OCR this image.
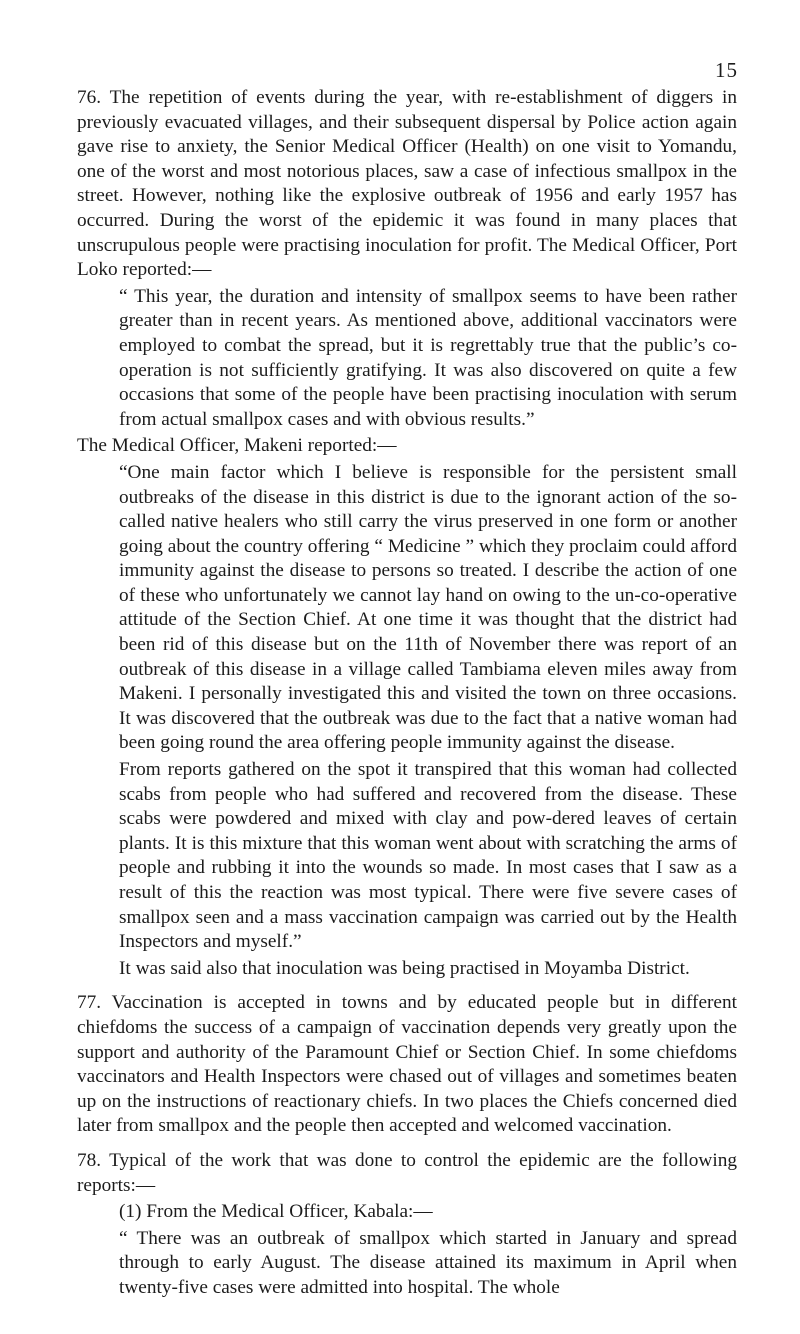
15

76. The repetition of events during the year, with re-establishment of diggers in previously evacuated villages, and their subsequent dispersal by Police action again gave rise to anxiety, the Senior Medical Officer (Health) on one visit to Yomandu, one of the worst and most notorious places, saw a case of infectious smallpox in the street. However, nothing like the explosive outbreak of 1956 and early 1957 has occurred. During the worst of the epidemic it was found in many places that unscrupulous people were practising inoculation for profit. The Medical Officer, Port Loko reported:—

“ This year, the duration and intensity of smallpox seems to have been rather greater than in recent years. As mentioned above, additional vaccinators were employed to combat the spread, but it is regrettably true that the public’s co-operation is not sufficiently gratifying. It was also discovered on quite a few occasions that some of the people have been practising inoculation with serum from actual smallpox cases and with obvious results.”

The Medical Officer, Makeni reported:—

“One main factor which I believe is responsible for the persistent small outbreaks of the disease in this district is due to the ignorant action of the so-called native healers who still carry the virus preserved in one form or another going about the country offering “ Medicine ” which they proclaim could afford immunity against the disease to persons so treated. I describe the action of one of these who unfortunately we cannot lay hand on owing to the un-co-operative attitude of the Section Chief. At one time it was thought that the district had been rid of this disease but on the 11th of November there was report of an outbreak of this disease in a village called Tambiama eleven miles away from Makeni. I personally investigated this and visited the town on three occasions. It was discovered that the outbreak was due to the fact that a native woman had been going round the area offering people immunity against the disease.

From reports gathered on the spot it transpired that this woman had collected scabs from people who had suffered and recovered from the disease. These scabs were powdered and mixed with clay and pow-dered leaves of certain plants. It is this mixture that this woman went about with scratching the arms of people and rubbing it into the wounds so made. In most cases that I saw as a result of this the reaction was most typical. There were five severe cases of smallpox seen and a mass vaccination campaign was carried out by the Health Inspectors and myself.”

It was said also that inoculation was being practised in Moyamba District.

77. Vaccination is accepted in towns and by educated people but in different chiefdoms the success of a campaign of vaccination depends very greatly upon the support and authority of the Paramount Chief or Section Chief. In some chiefdoms vaccinators and Health Inspectors were chased out of villages and sometimes beaten up on the instructions of reactionary chiefs. In two places the Chiefs concerned died later from smallpox and the people then accepted and welcomed vaccination.

78. Typical of the work that was done to control the epidemic are the following reports:—

(1) From the Medical Officer, Kabala:—

“ There was an outbreak of smallpox which started in January and spread through to early August. The disease attained its maximum in April when twenty-five cases were admitted into hospital. The whole
